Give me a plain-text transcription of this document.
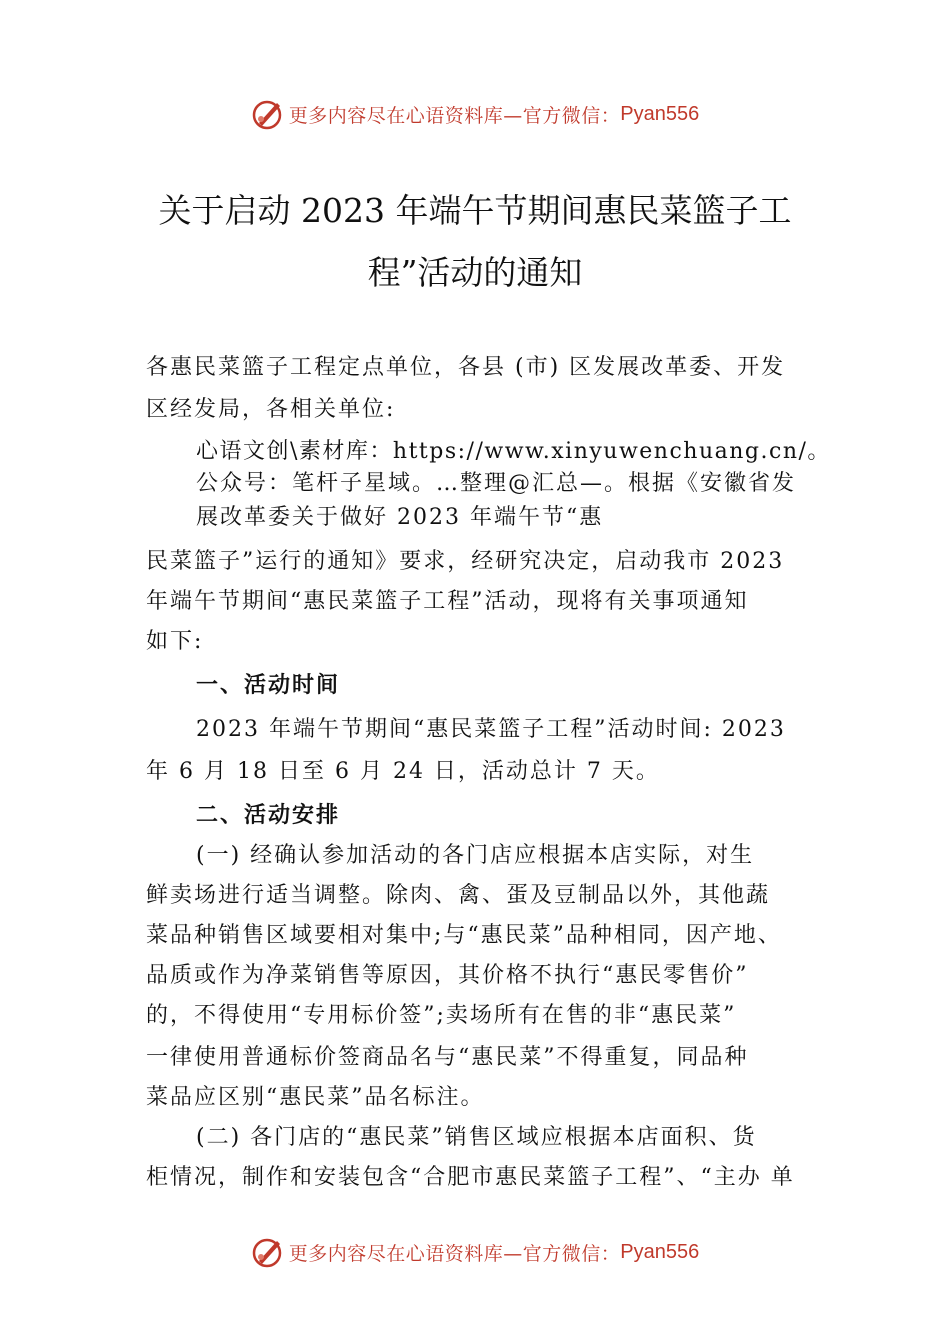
更多内容尽在心语资料库—官方微信： Pyan556
关于启动 2023 年端午节期间惠民菜篮子工
程”活动的通知
各惠民菜篮子工程定点单位，各县 (市) 区发展改革委、开发
区经发局，各相关单位:
心语文创\素材库：https://www.xinyuwenchuang.cn/。
公众号：笔杆子星域。…整理@汇总—。根据《安徽省发
展改革委关于做好 2023 年端午节“惠
民菜篮子”运行的通知》要求，经研究决定，启动我市 2023
年端午节期间“惠民菜篮子工程”活动，现将有关事项通知
如下:
一、活动时间
2023 年端午节期间“惠民菜篮子工程”活动时间: 2023
年 6 月 18 日至 6 月 24 日，活动总计 7 天。
二、活动安排
(一) 经确认参加活动的各门店应根据本店实际，对生
鲜卖场进行适当调整。除肉、禽、蛋及豆制品以外，其他蔬
菜品种销售区域要相对集中;与“惠民菜”品种相同，因产地、
品质或作为净菜销售等原因，其价格不执行“惠民零售价”
的，不得使用“专用标价签”;卖场所有在售的非“惠民菜”
一律使用普通标价签商品名与“惠民菜”不得重复，同品种
菜品应区别“惠民菜”品名标注。
(二) 各门店的“惠民菜”销售区域应根据本店面积、货
柜情况，制作和安装包含“合肥市惠民菜篮子工程”、“主办 单
更多内容尽在心语资料库—官方微信： Pyan556
